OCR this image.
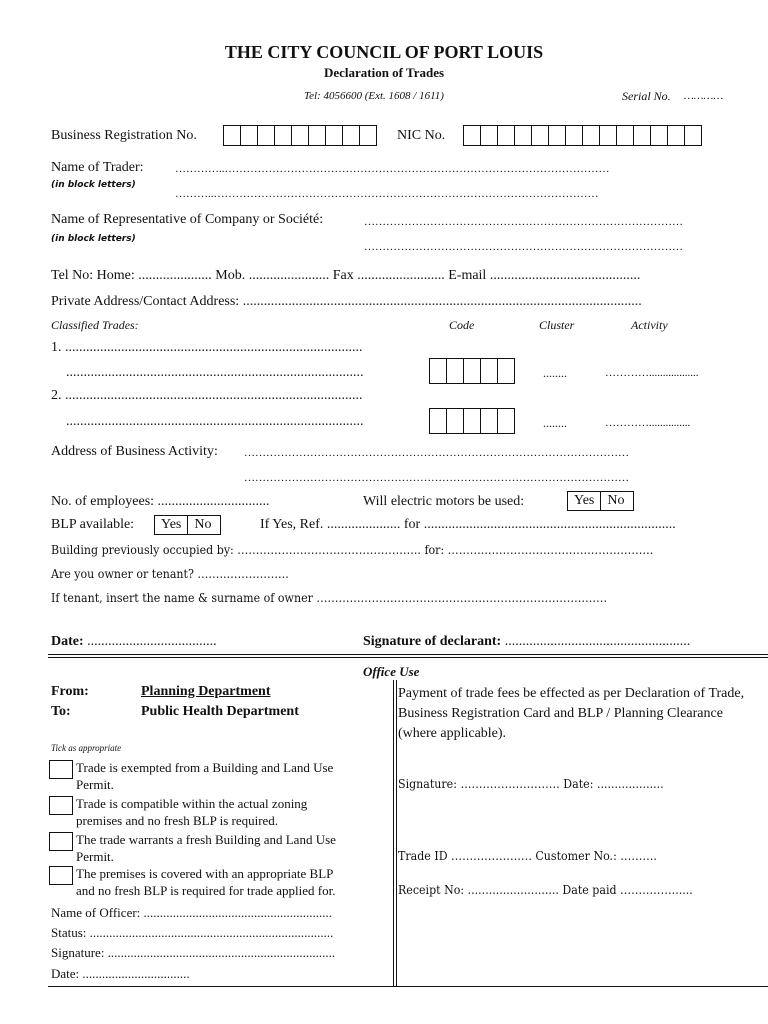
THE CITY COUNCIL OF PORT LOUIS
Declaration of Trades
Tel: 4056600 (Ext. 1608 / 1611)	Serial No. …………
Business Registration No.	NIC No.
Name of Trader:
(in block letters)
…………..……………………………………………………………………………………………
………..……………………………………………………………………………………………
Name of Representative of Company or Société:
(in block letters)
……………………………………………………………………………
……………………………………………………………………………
Tel No: Home: ..................... Mob. ....................... Fax ......................... E-mail ...........................................
Private Address/Contact Address: ..................................................................................................................
Classified Trades:	Code	Cluster	Activity
1. .....................................................................................
.....................................................................................	........	…………..................
2. .....................................................................................
.....................................................................................	........	…………...............
Address of Business Activity: ……………………………………………………………………………………………
……………………………………………………………………………………………
No. of employees: ................................	Will electric motors be used:	Yes No
BLP available:	Yes No	If Yes, Ref. ..................... for ........................................................................
Building previously occupied by: ………………………………………….. for: ………..………………………………………
Are you owner or tenant? ……..……………..
If tenant, insert the name & surname of owner …………………………………………………………………….
Date: .....................................	Signature of declarant: .....................................................
Office Use
From:	Planning Department
To:	Public Health Department
Tick as appropriate
Trade is exempted from a Building and Land Use
Permit.
Trade is compatible within the actual zoning
premises and no fresh BLP is required.
The trade warrants a fresh Building and Land Use
Permit.
The premises is covered with an appropriate BLP
and no fresh BLP is required for trade applied for.
Name of Officer: ..........................................................
Status: ...........................................................................
Signature: ......................................................................
Date: .................................
Payment of trade fees be effected as per Declaration of Trade, Business Registration Card and BLP / Planning Clearance (where applicable).
Signature: ……………………… Date: ...................
Trade ID …………………. Customer No.: ……….
Receipt No: .......................... Date paid …………….....
